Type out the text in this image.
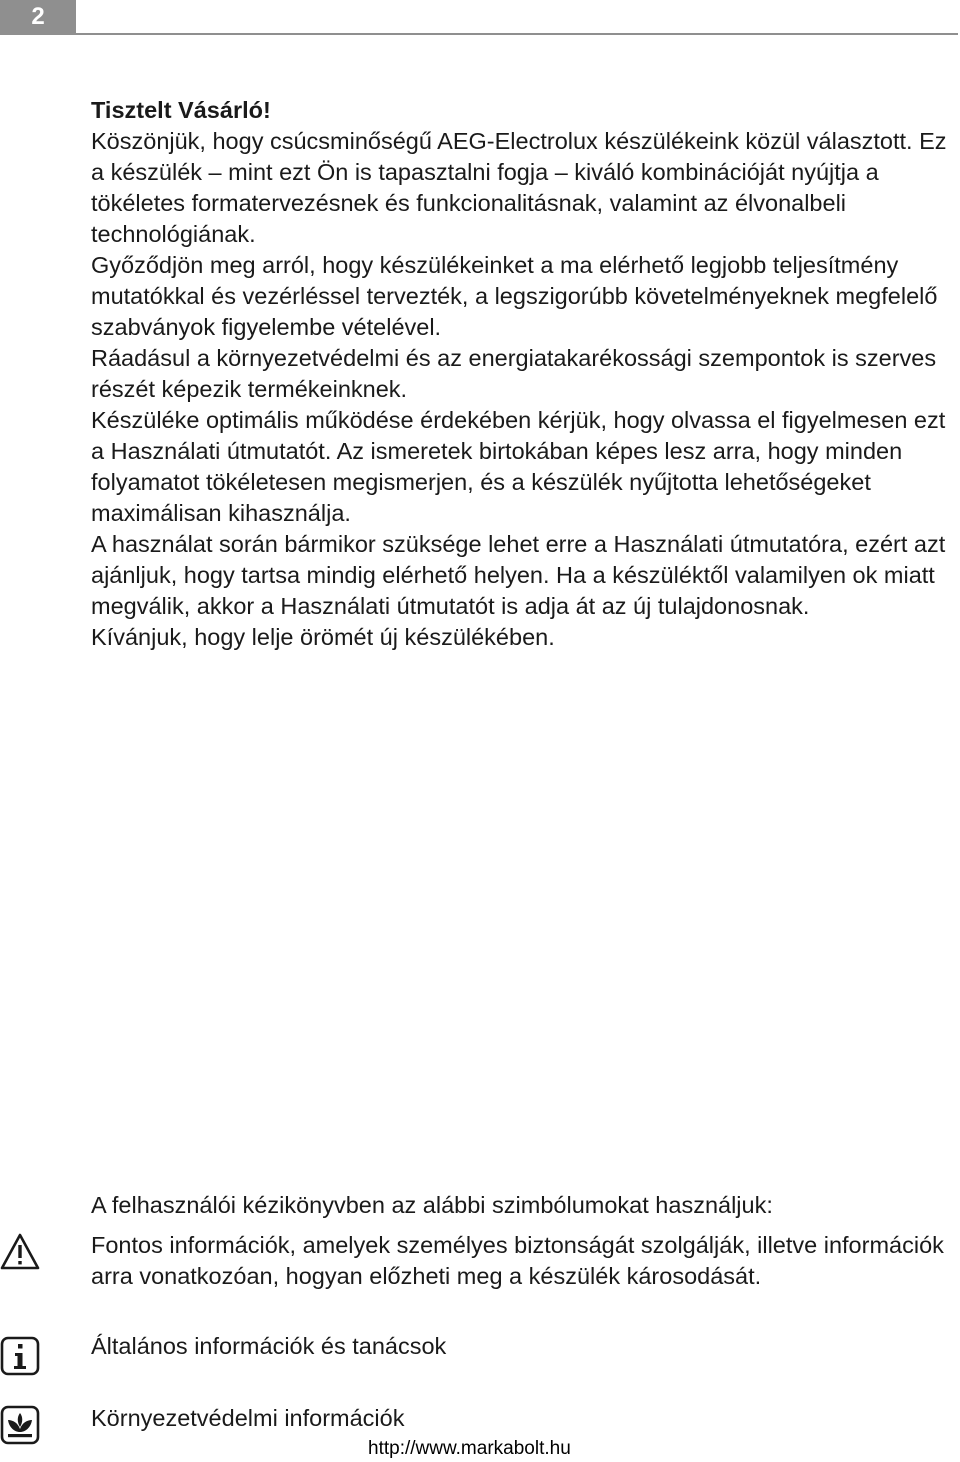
2

Tisztelt Vásárló!

Köszönjük, hogy csúcsminőségű AEG-Electrolux készülékeink közül választott. Ez a készülék – mint ezt Ön is tapasztalni fogja – kiváló kombinációját nyújtja a tökéletes formatervezésnek és funkcionalitásnak, valamint az élvonalbeli technológiának.

Győződjön meg arról, hogy készülékeinket a ma elérhető legjobb teljesítmény mutatókkal és vezérléssel tervezték, a legszigorúbb követelményeknek megfelelő szabványok figyelembe vételével.

Ráadásul a környezetvédelmi és az energiatakarékossági szempontok is szerves részét képezik termékeinknek.

Készüléke optimális működése érdekében kérjük, hogy olvassa el figyelmesen ezt a Használati útmutatót. Az ismeretek birtokában képes lesz arra, hogy minden folyamatot tökéletesen megismerjen, és a készülék nyűjtotta lehetőségeket maximálisan kihasználja.

A használat során bármikor szüksége lehet erre a Használati útmutatóra, ezért azt ajánljuk, hogy tartsa mindig elérhető helyen. Ha a készüléktől valamilyen ok miatt megválik, akkor a Használati útmutatót is adja át az új tulajdonosnak.

Kívánjuk, hogy lelje örömét új készülékében.

A felhasználói kézikönyvben az alábbi szimbólumokat használjuk:

Fontos információk, amelyek személyes biztonságát szolgálják, illetve információk arra vonatkozóan, hogyan előzheti meg a készülék károsodását.

Általános információk és tanácsok

Környezetvédelmi információk

http://www.markabolt.hu
